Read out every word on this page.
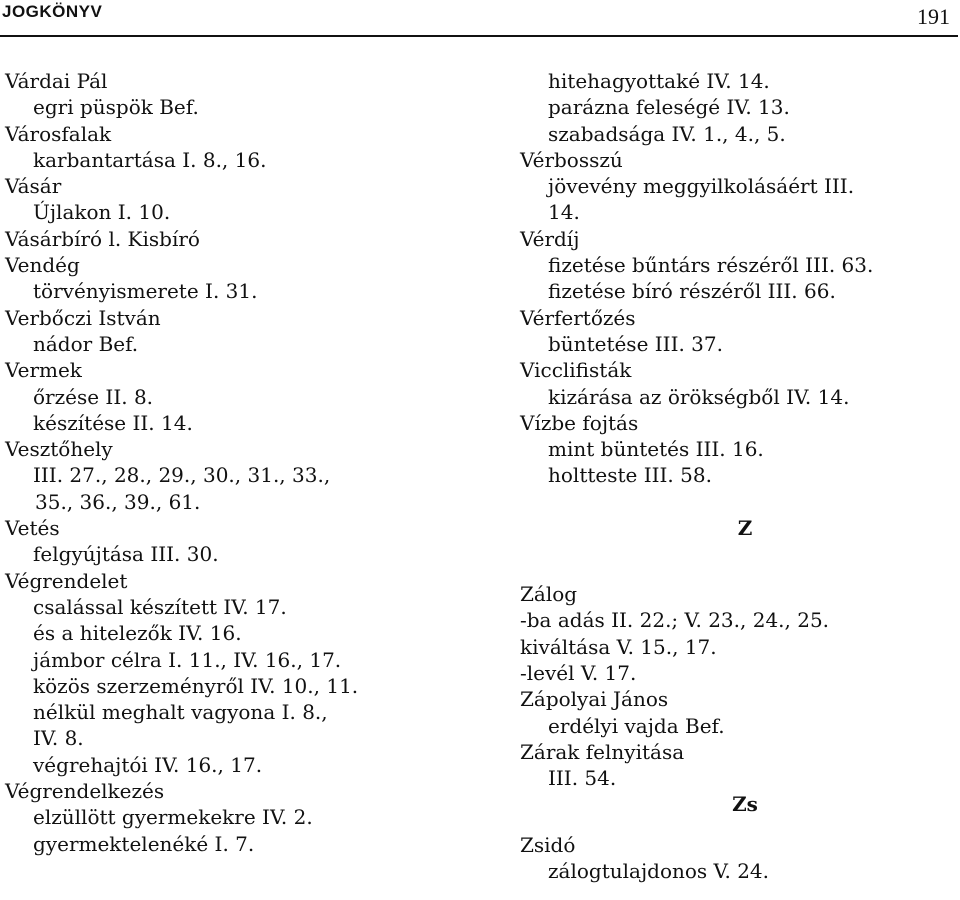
JOGKÖNYV	191
Várdai Pál
egri püspök Bef.
Városfalak
karbantartása I. 8., 16.
Vásár
Újlakon I. 10.
Vásárbíró l. Kisbíró
Vendég
törvényismerete I. 31.
Verbőczi István
nádor Bef.
Vermek
őrzése II. 8.
készítése II. 14.
Vesztőhely
III. 27., 28., 29., 30., 31., 33.,
35., 36., 39., 61.
Vetés
felgyújtása III. 30.
Végrendelet
csalással készített IV. 17.
és a hitelezők IV. 16.
jámbor célra I. 11., IV. 16., 17.
közös szerzeményről IV. 10., 11.
nélkül meghalt vagyona I. 8.,
IV. 8.
végrehajtói IV. 16., 17.
Végrendelkezés
elzüllött gyermekekre IV. 2.
gyermektelenéké I. 7.
hitehagyottaké IV. 14.
parázna feleségé IV. 13.
szabadsága IV. 1., 4., 5.
Vérbosszú
jövevény meggyilkolásáért III.
14.
Vérdíj
fizetése bűntárs részéről III. 63.
fizetése bíró részéről III. 66.
Vérfertőzés
büntetése III. 37.
Vicclifisták
kizárása az örökségből IV. 14.
Vízbe fojtás
mint büntetés III. 16.
holtteste III. 58.
Z
Zálog
-ba adás II. 22.; V. 23., 24., 25.
kiváltása V. 15., 17.
-levél V. 17.
Zápolyai János
erdélyi vajda Bef.
Zárak felnyitása
III. 54.
Zs
Zsidó
zálogtulajdonos V. 24.
